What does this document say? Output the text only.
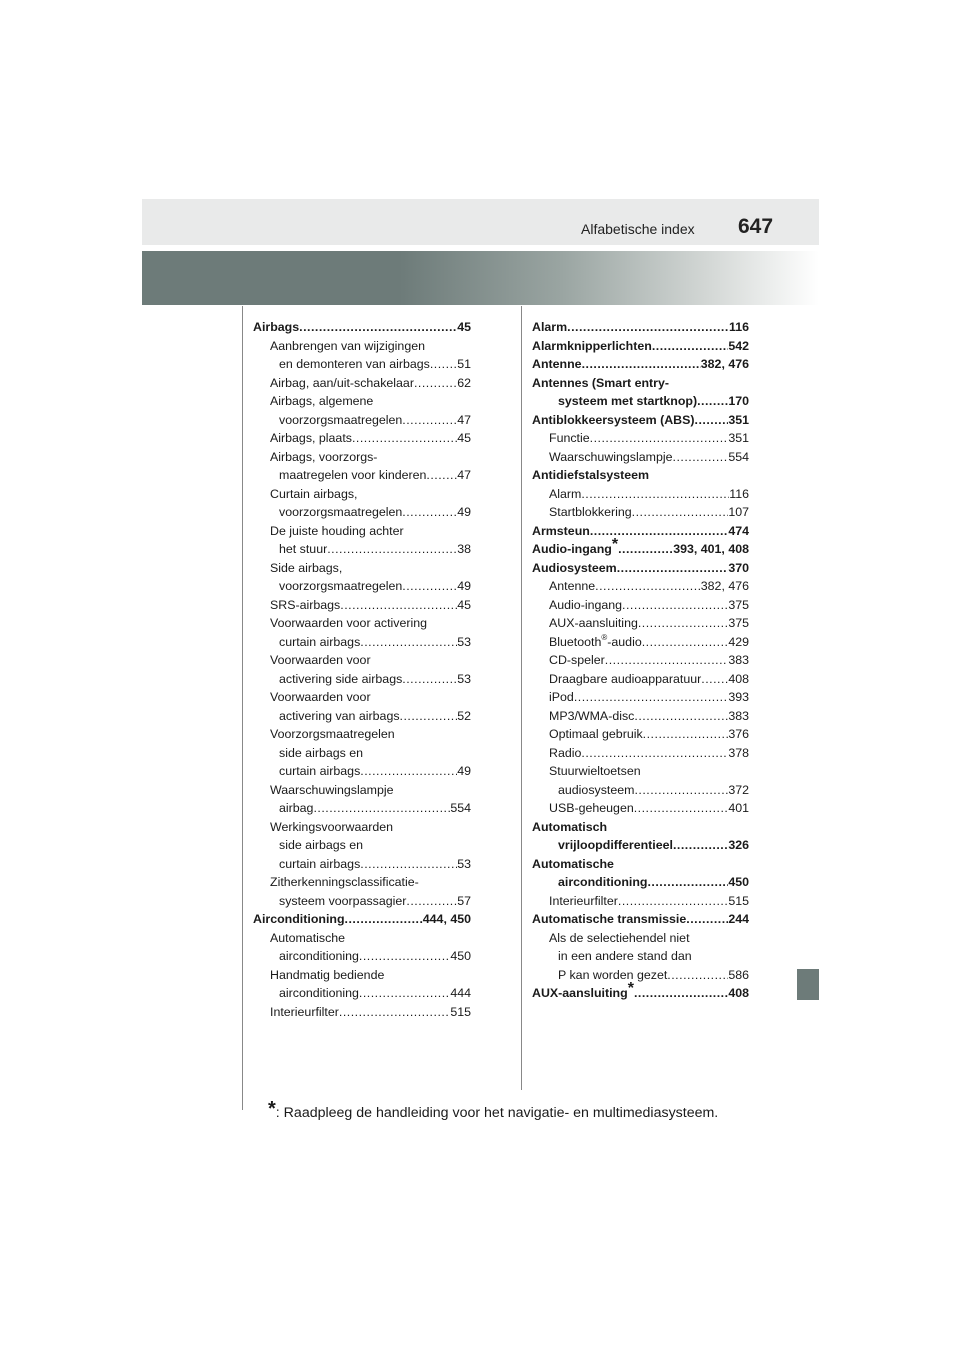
Alfabetische index 647
Airbags .....	45
Aanbrengen van wijzigingen
en demonteren van airbags ..... 51
Airbag, aan/uit-schakelaar .....	62
Airbags, algemene
voorzorgsmaatregelen .....	47
Airbags, plaats .....	45
Airbags, voorzorgs-
maatregelen voor kinderen ..... 47
Curtain airbags,
voorzorgsmaatregelen .....	49
De juiste houding achter
het stuur .....	38
Side airbags,
voorzorgsmaatregelen .....	49
SRS-airbags .....	45
Voorwaarden voor activering
curtain airbags .....	53
Voorwaarden voor
activering side airbags .....	53
Voorwaarden voor
activering van airbags .....	52
Voorzorgsmaatregelen
side airbags en
curtain airbags .....	49
Waarschuwingslampje
airbag .....	554
Werkingsvoorwaarden
side airbags en
curtain airbags .....	53
Zitherkenningsclassificatie-
systeem voorpassagier .....	57
Airconditioning .....	444, 450
Automatische
airconditioning .....	450
Handmatig bediende
airconditioning .....	444
Interieurfilter .....	515
Alarm .....	116
Alarmknipperlichten .....	542
Antenne .....	382, 476
Antennes (Smart entry-
systeem met startknop) .....	170
Antiblokkeersysteem (ABS) .....	351
Functie .....	351
Waarschuwingslampje .....	554
Antidiefstalsysteem
Alarm .....	116
Startblokkering .....	107
Armsteun .....	474
Audio-ingang* .....	393, 401, 408
Audiosysteem .....	370
Antenne .....	382, 476
Audio-ingang .....	375
AUX-aansluiting .....	375
Bluetooth®-audio .....	429
CD-speler .....	383
Draagbare audioapparatuur ..... 408
iPod .....	393
MP3/WMA-disc .....	383
Optimaal gebruik .....	376
Radio .....	378
Stuurwieltoetsen
audiosysteem .....	372
USB-geheugen .....	401
Automatisch
vrijloopdifferentieel .....	326
Automatische
airconditioning .....	450
Interieurfilter .....	515
Automatische transmissie .....	244
Als de selectiehendel niet
in een andere stand dan
P kan worden gezet .....	586
AUX-aansluiting* .....	408
*: Raadpleeg de handleiding voor het navigatie- en multimediasysteem.
